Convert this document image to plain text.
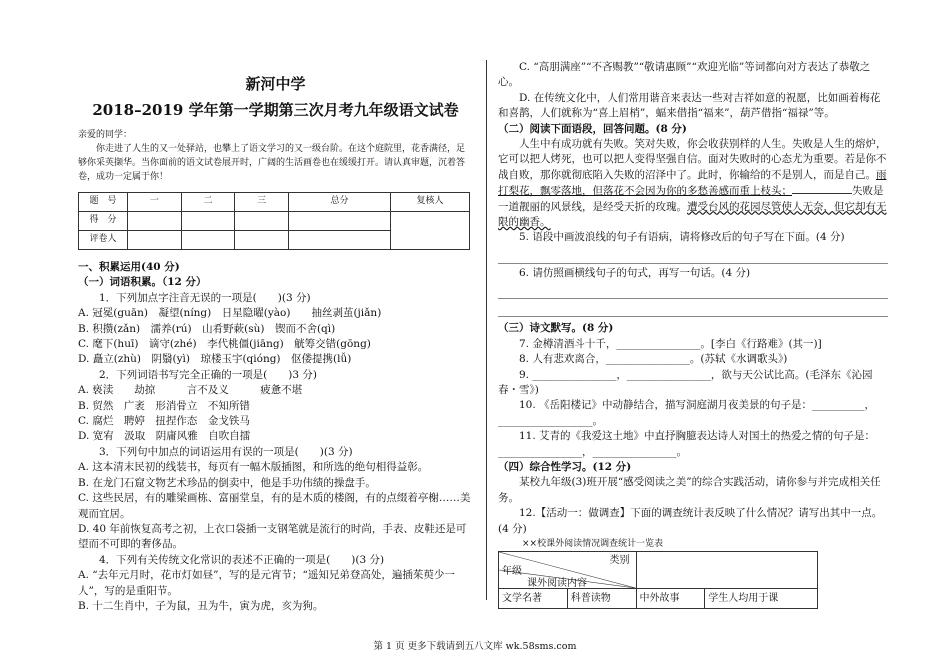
新河中学
2018–2019 学年第一学期第三次月考九年级语文试卷

亲爱的同学：

你走进了人生的又一处驿站，也攀上了语文学习的又一级台阶。在这个庭院里，花香满径，足够你采英撷华。当你面前的语文试卷展开时，广阔的生活画卷也在缓缓打开。请认真审题，沉着答卷，成功一定属于你！

题　号	一	二	三	总分	复核人
得　分					
评卷人					

一、积累运用(40 分)

（一）词语积累。（12 分）

1．下列加点字注音无误的一项是(　　)(3 分)

A. 冠冕(guān)　凝望(níng)　日星隐曜(yào)　　抽丝剥茧(jiǎn)

B. 积攒(zǎn)　濡养(rú)　山肴野蔌(sù)　锲而不舍(qì)

C. 麾下(huī)　谪守(zhé)　李代桃僵(jiāng)　觥筹交错(gōng)

D. 矗立(zhù)　阴翳(yì)　琼楼玉宇(qióng)　伛偻提携(lǚ)

2．下列词语书写完全正确的一项是(　　)3 分)

A. 亵渎　　劫掠　　　言不及义　　　疲惫不堪

B. 贸然　广袤　形消骨立　不知所错

C. 腐烂　聘婷　扭捏作态　金戈铁马

D. 宽宥　汲取　阴庸风雅　自吹自擂

3．下列句中加点的词语运用有误的一项是(　　)(3 分)

A. 这本清末民初的线装书，每页有一幅木版插图，和所选的绝句相得益彰。

B. 在龙门石窟文物艺术珍品的倒卖中，他是手功伟绩的操盘手。

C. 这些民居，有的雕梁画栋、富丽堂皇，有的是木质的楼阁，有的点缀着亭榭……美观而宜居。

D. 40 年前恢复高考之初，上衣口袋插一支钢笔就是流行的时尚，手表、皮鞋还是可望而不可即的奢侈品。

4．下列有关传统文化常识的表述不正确的一项是(　　)(3 分)

A. “去年元月时，花市灯如昼”，写的是元宵节；“遥知兄弟登高处，遍插茱萸少一人”，写的是重阳节。

B. 十二生肖中，子为鼠，丑为牛，寅为虎，亥为狗。

C. “高朋满座”“不吝赐教”“敬请惠顾”“欢迎光临”等词都向对方表达了恭敬之心。

D. 在传统文化中，人们常用谐音来表达一些对吉祥如意的祝愿，比如画着梅花和喜鹊，人们就称为“喜上眉梢”，蝠来借指“福来”，葫芦借指“福禄”等。

（二）阅读下面语段，回答问题。(8 分)

人生中有成功就有失败。笑对失败，你会收获别样的人生。失败是人生的熔炉，它可以把人烤死，也可以把人变得坚强自信。面对失败时的心态尤为重要。若是你不战自败，那你就彻底陷入失败的沼泽中了。此时，你输给的不是别人，而是自己。雨打梨花，飘零落地，但落花不会因为你的多愁善感而重上枝头；	失败是一道靓丽的风景线，是经受天折的玫瑰。遭受台风的花园尽管使人无奈，但它却有无限的幽香。

5. 语段中画波浪线的句子有语病，请将修改后的句子写在下面。(4 分)

6. 请仿照画横线句子的句式，再写一句话。(4 分)

（三）诗文默写。(8 分)

7. 金樽清酒斗十千，________________。[李白《行路难》(其一)]

8. 人有悲欢离合，________________。(苏轼《水调歌头》)

9. ________________，________________，欲与天公试比高。(毛泽东《沁园春・雪》)

10. 《岳阳楼记》中动静结合，描写洞庭湖月夜美景的句子是：__________，__________________。

11. 艾青的《我爱这土地》中直抒胸臆表达诗人对国土的热爱之情的句子是：________________，________________。

（四）综合性学习。(12 分)

某校九年级(3)班开展“感受阅读之美”的综合实践活动，请你参与并完成相关任务。

12.【活动一：做调查】下面的调查统计表反映了什么情况？请写出其中一点。(4 分)

××校课外阅读情况调查统计一览表

类别
年级
课外阅读内容			

文学名著	科普读物	中外故事	学生人均用于课
第 1 页 更多下载请到五八文库 wk.58sms.com
